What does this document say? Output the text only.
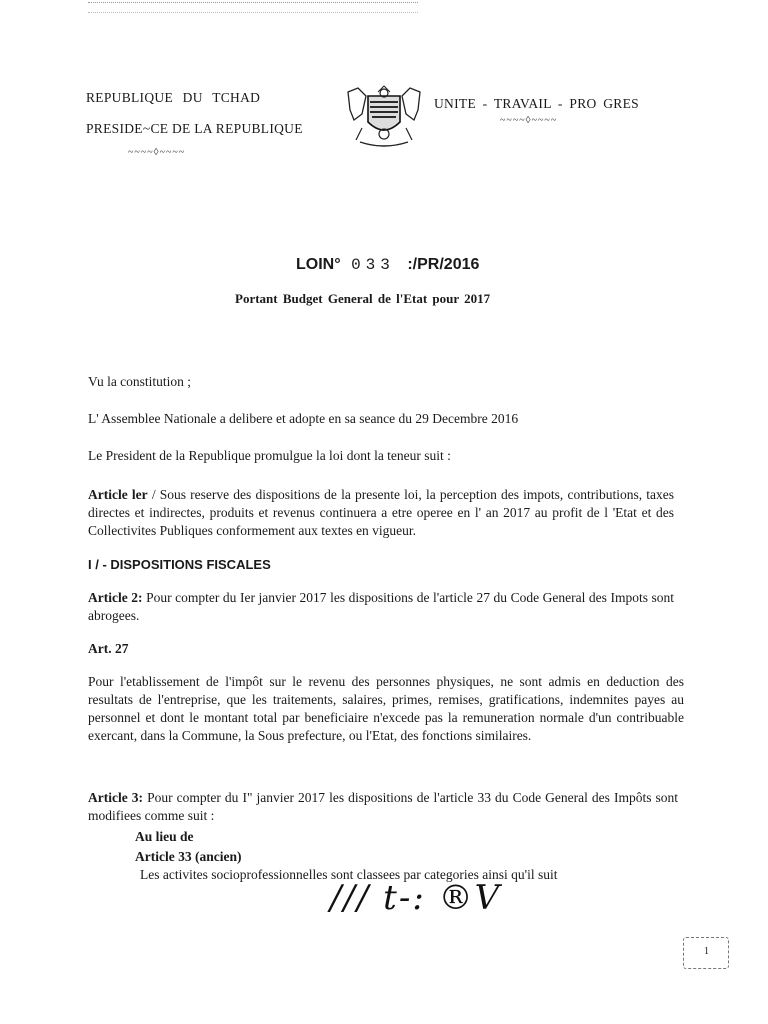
REPUBLIQUE DU TCHAD
PRESIDE~CE DE LA REPUBLIQUE
~~~~◊~~~~
UNITE - TRAVAIL - PRO GRES
~~~~◊~~~~
LOIN° 033 :/PR/2016
Portant Budget General de l'Etat pour 2017
Vu la constitution ;
L' Assemblee Nationale a delibere et adopte en sa seance du 29 Decembre 2016
Le President de la Republique promulgue la loi dont la teneur suit :
Article ler / Sous reserve des dispositions de la presente loi, la perception des impots, contributions, taxes directes et indirectes, produits et revenus continuera a etre operee en l' an 2017 au profit de l 'Etat et des Collectivites Publiques conformement aux textes en vigueur.
I / - DISPOSITIONS FISCALES
Article 2: Pour compter du Ier janvier 2017 les dispositions de l'article 27 du Code General des Impots sont abrogees.
Art. 27
Pour l'etablissement de l'impôt sur le revenu des personnes physiques, ne sont admis en deduction des resultats de l'entreprise, que les traitements, salaires, primes, remises, gratifications, indemnites payes au personnel et dont le montant total par beneficiaire n'excede pas la remuneration normale d'un contribuable exercant, dans la Commune, la Sous prefecture, ou l'Etat, des fonctions similaires.
Article 3: Pour compter du I" janvier 2017 les dispositions de l'article 33 du Code General des Impôts sont modifiees comme suit :
Au lieu de
Article 33 (ancien)
Les activites socioprofessionnelles sont classees par categories ainsi qu'il suit
/// t-: ®V
1
